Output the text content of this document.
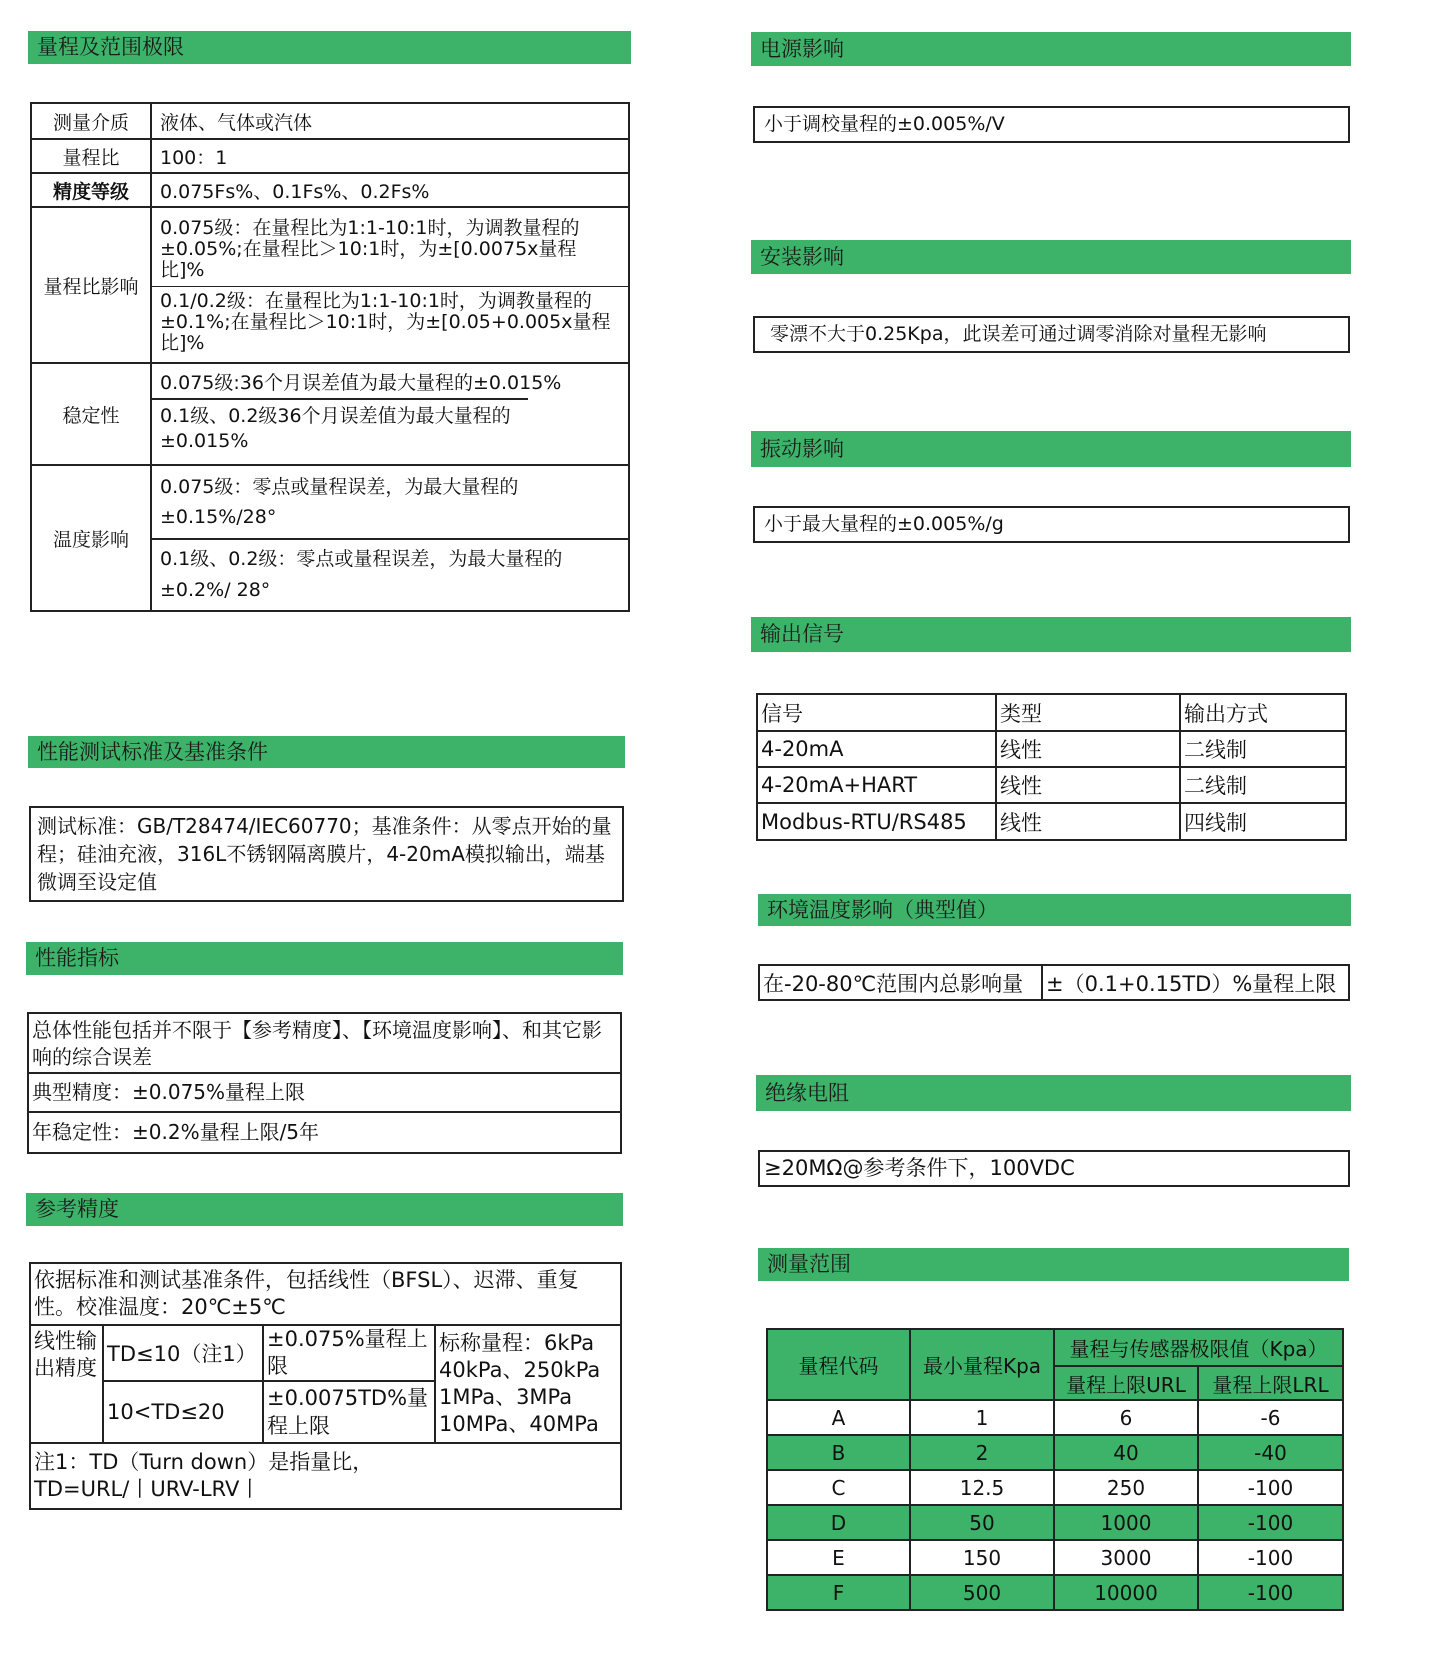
量程及范围极限
测量介质	液体、气体或汽体
量程比	100：1
精度等级	0.075Fs%、0.1Fs%、0.2Fs%
量程比影响	0.075级：在量程比为1:1-10:1时，为调教量程的±0.05%;在量程比＞10:1时，为±[0.0075x量程比]%
0.1/0.2级：在量程比为1:1-10:1时，为调教量程的±0.1%;在量程比＞10:1时，为±[0.05+0.005x量程比]%

稳定性	0.075级:36个月误差值为最大量程的±0.015%
0.1级、0.2级36个月误差值为最大量程的±0.015%

温度影响	0.075级：零点或量程误差，为最大量程的±0.15%/28°
0.1级、0.2级：零点或量程误差，为最大量程的±0.2%/ 28°
性能测试标准及基准条件
测试标准：GB/T28474/IEC60770；基准条件：从零点开始的量程；硅油充液，316L不锈钢隔离膜片，4-20mA模拟输出，端基微调至设定值
性能指标
总体性能包括并不限于【参考精度】、【环境温度影响】、和其它影响的综合误差
典型精度：±0.075%量程上限
年稳定性：±0.2%量程上限/5年
参考精度
依据标准和测试基准条件，包括线性（BFSL）、迟滞、重复性。校准温度：20℃±5℃			
线性输出精度	TD≤10（注1）	±0.075%量程上限	标称量程：6kPa 40kPa、250kPa 1MPa、3MPa 10MPa、40MPa
	10<TD≤20	±0.0075TD%量程上限	

注1：TD（Turn down）是指量比，TD=URL/丨URV-LRV丨			
电源影响
小于调校量程的±0.005%/V
安装影响
零漂不大于0.25Kpa，此误差可通过调零消除对量程无影响
振动影响
小于最大量程的±0.005%/g
输出信号
信号	类型	输出方式
4-20mA	线性	二线制
4-20mA+HART	线性	二线制
Modbus-RTU/RS485	线性	四线制
环境温度影响（典型值）
在-20-80℃范围内总影响量	±（0.1+0.15TD）%量程上限
绝缘电阻
≥20MΩ@参考条件下，100VDC
测量范围
量程代码	最小量程Kpa	量程与传感器极限值（Kpa）	
		量程上限URL	量程上限LRL
A	1	6	-6
B	2	40	-40
C	12.5	250	-100
D	50	1000	-100
E	150	3000	-100
F	500	10000	-100
